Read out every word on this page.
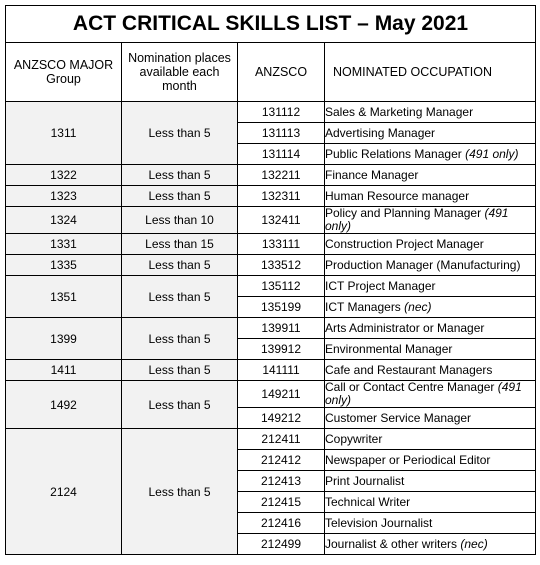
ACT CRITICAL SKILLS LIST – May 2021			
ANZSCO MAJOR Group	Nomination places available each month	ANZSCO	NOMINATED OCCUPATION
1311	Less than 5	131112	Sales & Marketing Manager
		131113	Advertising Manager
		131114	Public Relations Manager (491 only)
1322	Less than 5	132211	Finance Manager
1323	Less than 5	132311	Human Resource manager
1324	Less than 10	132411	Policy and Planning Manager (491 only)
1331	Less than 15	133111	Construction Project Manager
1335	Less than 5	133512	Production Manager (Manufacturing)
1351	Less than 5	135112	ICT Project Manager
		135199	ICT Managers (nec)
1399	Less than 5	139911	Arts Administrator or Manager
		139912	Environmental Manager
1411	Less than 5	141111	Cafe and Restaurant Managers
1492	Less than 5	149211	Call or Contact Centre Manager (491 only)
		149212	Customer Service Manager
2124	Less than 5	212411	Copywriter
		212412	Newspaper or Periodical Editor
		212413	Print Journalist
		212415	Technical Writer
		212416	Television Journalist
		212499	Journalist & other writers (nec)
